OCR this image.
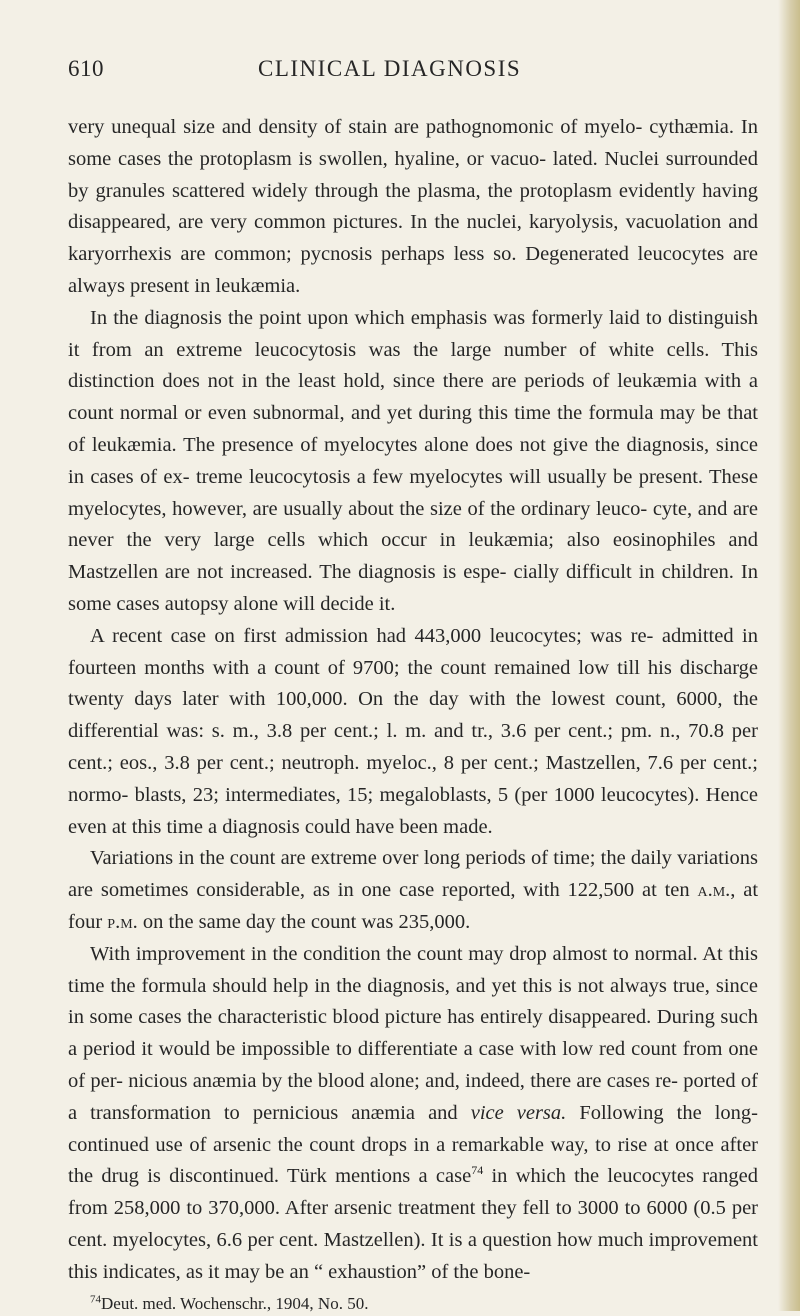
610	CLINICAL DIAGNOSIS

very unequal size and density of stain are pathognomonic of myelo- cythæmia. In some cases the protoplasm is swollen, hyaline, or vacuo- lated. Nuclei surrounded by granules scattered widely through the plasma, the protoplasm evidently having disappeared, are very common pictures. In the nuclei, karyolysis, vacuolation and karyorrhexis are common; pycnosis perhaps less so. Degenerated leucocytes are always present in leukæmia.

In the diagnosis the point upon which emphasis was formerly laid to distinguish it from an extreme leucocytosis was the large number of white cells. This distinction does not in the least hold, since there are periods of leukæmia with a count normal or even subnormal, and yet during this time the formula may be that of leukæmia. The presence of myelocytes alone does not give the diagnosis, since in cases of ex- treme leucocytosis a few myelocytes will usually be present. These myelocytes, however, are usually about the size of the ordinary leuco- cyte, and are never the very large cells which occur in leukæmia; also eosinophiles and Mastzellen are not increased. The diagnosis is espe- cially difficult in children. In some cases autopsy alone will decide it.

A recent case on first admission had 443,000 leucocytes; was re- admitted in fourteen months with a count of 9700; the count remained low till his discharge twenty days later with 100,000. On the day with the lowest count, 6000, the differential was: s. m., 3.8 per cent.; l. m. and tr., 3.6 per cent.; pm. n., 70.8 per cent.; eos., 3.8 per cent.; neutroph. myeloc., 8 per cent.; Mastzellen, 7.6 per cent.; normo- blasts, 23; intermediates, 15; megaloblasts, 5 (per 1000 leucocytes). Hence even at this time a diagnosis could have been made.

Variations in the count are extreme over long periods of time; the daily variations are sometimes considerable, as in one case reported, with 122,500 at ten a.m., at four p.m. on the same day the count was 235,000.

With improvement in the condition the count may drop almost to normal. At this time the formula should help in the diagnosis, and yet this is not always true, since in some cases the characteristic blood picture has entirely disappeared. During such a period it would be impossible to differentiate a case with low red count from one of per- nicious anæmia by the blood alone; and, indeed, there are cases re- ported of a transformation to pernicious anæmia and vice versa. Following the long-continued use of arsenic the count drops in a remarkable way, to rise at once after the drug is discontinued. Türk mentions a case$^{74}$ in which the leucocytes ranged from 258,000 to 370,000. After arsenic treatment they fell to 3000 to 6000 (0.5 per cent. myelocytes, 6.6 per cent. Mastzellen). It is a question how much improvement this indicates, as it may be an “ exhaustion” of the bone-

$^{74}$Deut. med. Wochenschr., 1904, No. 50.
